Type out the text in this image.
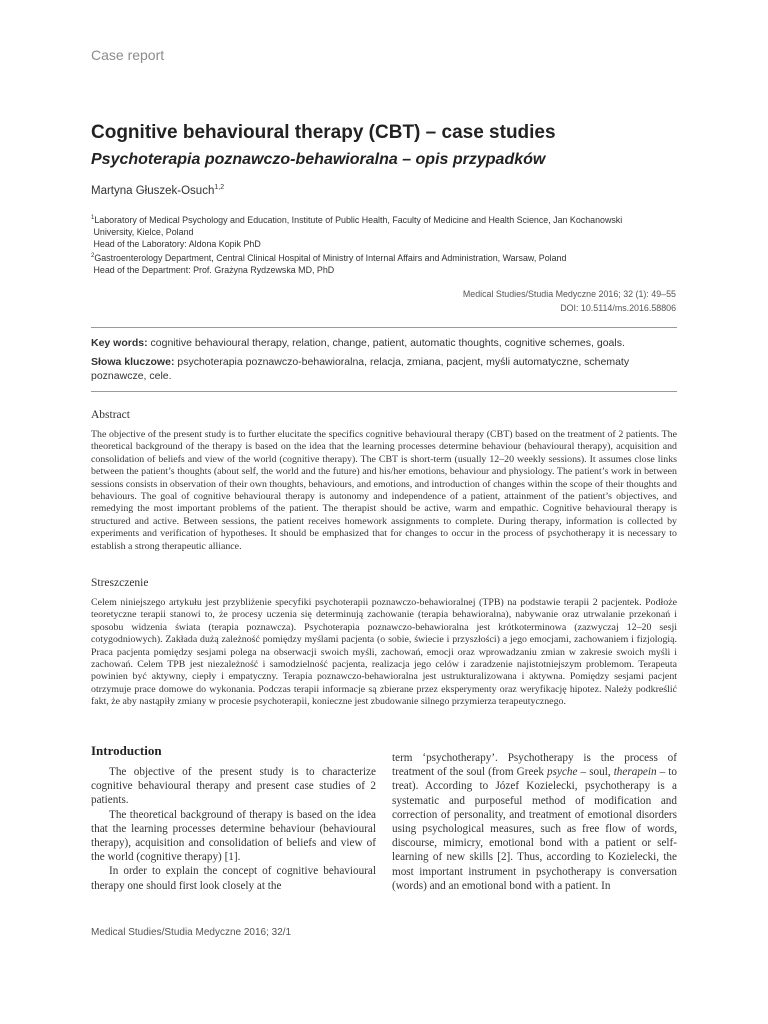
Case report
Cognitive behavioural therapy (CBT) – case studies
Psychoterapia poznawczo-behawioralna – opis przypadków
Martyna Głuszek-Osuch$^{1,2}$
$^1$Laboratory of Medical Psychology and Education, Institute of Public Health, Faculty of Medicine and Health Science, Jan Kochanowski
University, Kielce, Poland
Head of the Laboratory: Aldona Kopik PhD
$^2$Gastroenterology Department, Central Clinical Hospital of Ministry of Internal Affairs and Administration, Warsaw, Poland
Head of the Department: Prof. Grażyna Rydzewska MD, PhD
Medical Studies/Studia Medyczne 2016; 32 (1): 49–55
DOI: 10.5114/ms.2016.58806

Key words: cognitive behavioural therapy, relation, change, patient, automatic thoughts, cognitive schemes, goals.

Słowa kluczowe: psychoterapia poznawczo-behawioralna, relacja, zmiana, pacjent, myśli automatyczne, schematy poznawcze, cele.

Abstract
The objective of the present study is to further elucitate the specifics cognitive behavioural therapy (CBT) based on the treatment of 2 patients. The theoretical background of the therapy is based on the idea that the learning processes determine behaviour (behavioural therapy), acquisition and consolidation of beliefs and view of the world (cognitive therapy). The CBT is short-term (usually 12–20 weekly sessions). It assumes close links between the patient’s thoughts (about self, the world and the future) and his/her emotions, behaviour and physiology. The patient’s work in between sessions consists in observation of their own thoughts, behaviours, and emotions, and introduction of changes within the scope of their thoughts and behaviours. The goal of cognitive behavioural therapy is autonomy and independence of a patient, attainment of the patient’s objectives, and remedying the most important problems of the patient. The therapist should be active, warm and empathic. Cognitive behavioural therapy is structured and active. Between sessions, the patient receives homework assignments to complete. During therapy, information is collected by experiments and verification of hypotheses. It should be emphasized that for changes to occur in the process of psychotherapy it is necessary to establish a strong therapeutic alliance.
Streszczenie
Celem niniejszego artykułu jest przybliżenie specyfiki psychoterapii poznawczo-behawioralnej (TPB) na podstawie terapii 2 pacjentek. Podłoże teoretyczne terapii stanowi to, że procesy uczenia się determinują zachowanie (terapia behawioralna), nabywanie oraz utrwalanie przekonań i sposobu widzenia świata (terapia poznawcza). Psychoterapia poznawczo-behawioralna jest krótkoterminowa (zazwyczaj 12–20 sesji cotygodniowych). Zakłada dużą zależność pomiędzy myślami pacjenta (o sobie, świecie i przyszłości) a jego emocjami, zachowaniem i fizjologią. Praca pacjenta pomiędzy sesjami polega na obserwacji swoich myśli, zachowań, emocji oraz wprowadzaniu zmian w zakresie swoich myśli i zachowań. Celem TPB jest niezależność i samodzielność pacjenta, realizacja jego celów i zaradzenie najistotniejszym problemom. Terapeuta powinien być aktywny, ciepły i empatyczny. Terapia poznawczo-behawioralna jest ustrukturalizowana i aktywna. Pomiędzy sesjami pacjent otrzymuje prace domowe do wykonania. Podczas terapii informacje są zbierane przez eksperymenty oraz weryfikację hipotez. Należy podkreślić fakt, że aby nastąpiły zmiany w procesie psychoterapii, konieczne jest zbudowanie silnego przymierza terapeutycznego.
Introduction

The objective of the present study is to characterize cognitive behavioural therapy and present case studies of 2 patients.

The theoretical background of therapy is based on the idea that the learning processes determine behaviour (behavioural therapy), acquisition and consolidation of beliefs and view of the world (cognitive therapy) [1].

In order to explain the concept of cognitive behavioural therapy one should first look closely at the

term ‘psychotherapy’. Psychotherapy is the process of treatment of the soul (from Greek psyche – soul, therapein – to treat). According to Józef Kozielecki, psychotherapy is a systematic and purposeful method of modification and correction of personality, and treatment of emotional disorders using psychological measures, such as free flow of words, discourse, mimicry, emotional bond with a patient or self-learning of new skills [2]. Thus, according to Kozielecki, the most important instrument in psychotherapy is conversation (words) and an emotional bond with a patient. In

Medical Studies/Studia Medyczne 2016; 32/1
